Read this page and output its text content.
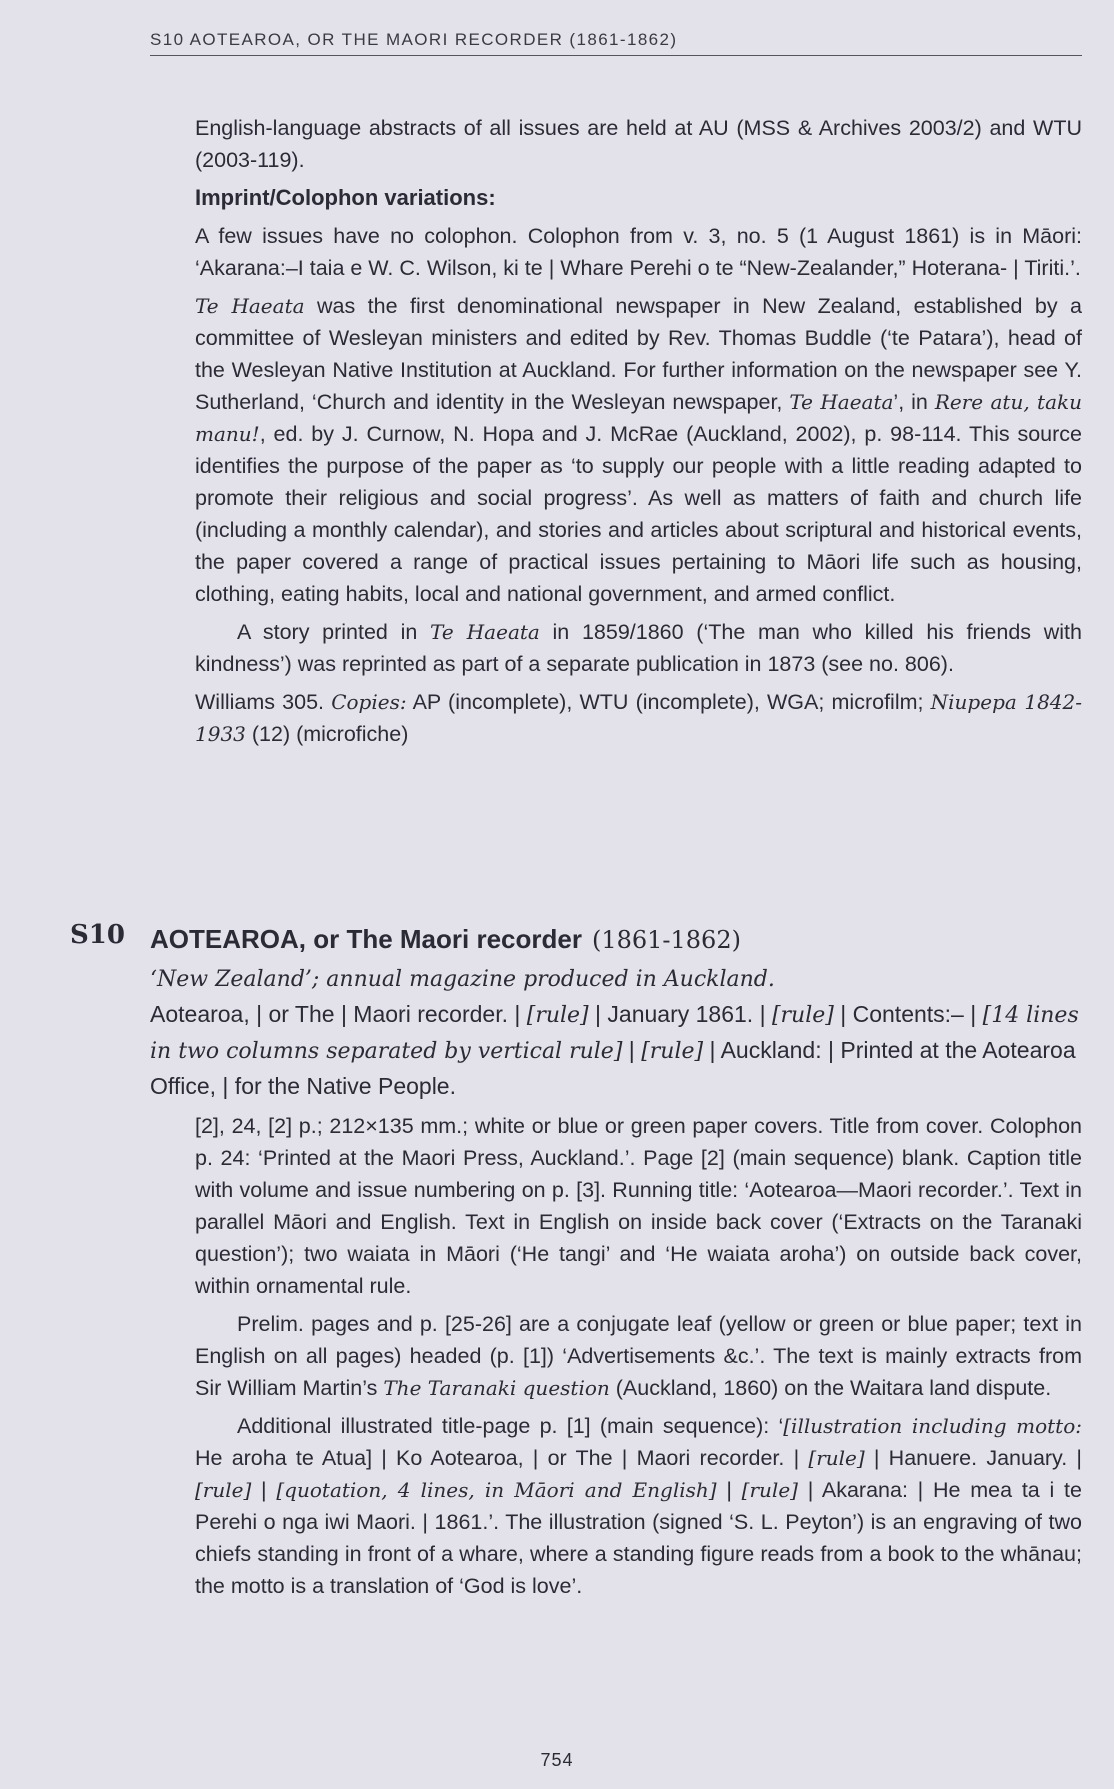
S10 AOTEAROA, OR THE MAORI RECORDER (1861-1862)

English-language abstracts of all issues are held at AU (MSS & Archives 2003/2) and WTU (2003-119).

Imprint/Colophon variations:

A few issues have no colophon. Colophon from v. 3, no. 5 (1 August 1861) is in Māori: ‘Akarana:–I taia e W. C. Wilson, ki te | Whare Perehi o te “New-Zealander,” Hoterana- | Tiriti.’.

Te Haeata was the first denominational newspaper in New Zealand, established by a committee of Wesleyan ministers and edited by Rev. Thomas Buddle (‘te Patara’), head of the Wesleyan Native Institution at Auckland. For further information on the newspaper see Y. Sutherland, ‘Church and identity in the Wesleyan newspaper, Te Haeata’, in Rere atu, taku manu!, ed. by J. Curnow, N. Hopa and J. McRae (Auckland, 2002), p. 98-114. This source identifies the purpose of the paper as ‘to supply our people with a little reading adapted to promote their religious and social progress’. As well as matters of faith and church life (including a monthly calendar), and stories and articles about scriptural and historical events, the paper covered a range of practical issues pertaining to Māori life such as housing, clothing, eating habits, local and national government, and armed conflict.

A story printed in Te Haeata in 1859/1860 (‘The man who killed his friends with kindness’) was reprinted as part of a separate publication in 1873 (see no. 806).

Williams 305. Copies: AP (incomplete), WTU (incomplete), WGA; microfilm; Niupepa 1842-1933 (12) (microfiche)

S10 AOTEAROA, or The Maori recorder (1861-1862)
‘New Zealand’; annual magazine produced in Auckland.
Aotearoa, | or The | Maori recorder. | [rule] | January 1861. | [rule] | Contents:– | [14 lines in two columns separated by vertical rule] | [rule] | Auckland: | Printed at the Aotearoa Office, | for the Native People.

[2], 24, [2] p.; 212×135 mm.; white or blue or green paper covers. Title from cover. Colophon p. 24: ‘Printed at the Maori Press, Auckland.’. Page [2] (main sequence) blank. Caption title with volume and issue numbering on p. [3]. Running title: ‘Aotearoa—Maori recorder.’. Text in parallel Māori and English. Text in English on inside back cover (‘Extracts on the Taranaki question’); two waiata in Māori (‘He tangi’ and ‘He waiata aroha’) on outside back cover, within ornamental rule.

Prelim. pages and p. [25-26] are a conjugate leaf (yellow or green or blue paper; text in English on all pages) headed (p. [1]) ‘Advertisements &c.’. The text is mainly extracts from Sir William Martin’s The Taranaki question (Auckland, 1860) on the Waitara land dispute.

Additional illustrated title-page p. [1] (main sequence): ‘[illustration including motto: He aroha te Atua] | Ko Aotearoa, | or The | Maori recorder. | [rule] | Hanuere. January. | [rule] | [quotation, 4 lines, in Māori and English] | [rule] | Akarana: | He mea ta i te Perehi o nga iwi Maori. | 1861.’. The illustration (signed ‘S. L. Peyton’) is an engraving of two chiefs standing in front of a whare, where a standing figure reads from a book to the whānau; the motto is a translation of ‘God is love’.

754
